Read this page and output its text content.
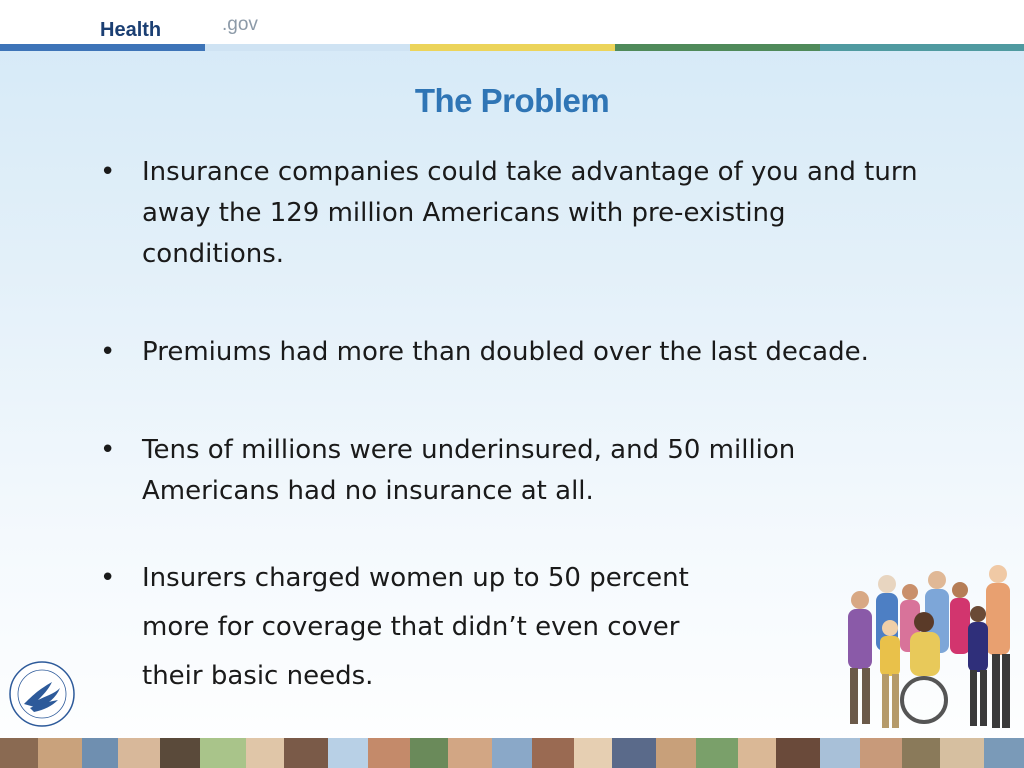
Health	.gov
The Problem
• Insurance companies could take advantage of you and turn away the 129 million Americans with pre-existing conditions.
• Premiums had more than doubled over the last decade.
• Tens of millions were underinsured, and 50 million Americans had no insurance at all.
• Insurers charged women up to 50 percent more for coverage that didn’t even cover their basic needs.
